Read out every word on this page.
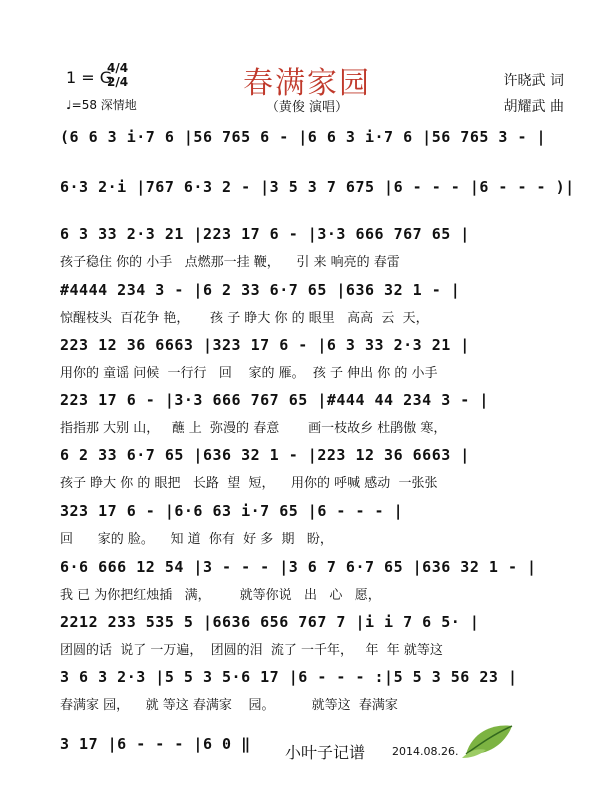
春满家园
（黄俊 演唱）
1 = G
4/4
2/4
♩=58 深情地
许晓武 词
胡耀武 曲
(6 6 3 i·7 6 |56 765 6 - |6 6 3 i·7 6 |56 765 3 - |
6·3 2·i |767 6·3 2 - |3 5 3 7 675 |6 - - - |6 - - - )|
6 3 33 2·3 21 |223 17 6 - |3·3 666 767 65 |
孩子稳住 你的 小手   点燃那一挂 鞭，    引 来 响亮的 春雷
#4444 234 3 - |6 2 33 6·7 65 |636 32 1 - |
惊醒枝头  百花争 艳，     孩 子 睁大 你 的 眼里   高高  云  天，
223 12 36 6663 |323 17 6 - |6 3 33 2·3 21 |
用你的 童谣 问候  一行行   回    家的 雁。  孩 子 伸出 你 的 小手
223 17 6 - |3·3 666 767 65 |#444 44 234 3 - |
指指那 大别 山，   蘸 上  弥漫的 春意       画一枝故乡 杜鹃傲 寒，
6 2 33 6·7 65 |636 32 1 - |223 12 36 6663 |
孩子 睁大 你 的 眼把   长路  望  短，    用你的 呼喊 感动  一张张
323 17 6 - |6·6 63 i·7 65 |6 - - - |
回      家的 脸。    知 道  你有  好 多  期   盼，
6·6 666 12 54 |3 - - - |3 6 7 6·7 65 |636 32 1 - |
我 已 为你把红烛插   满，       就等你说   出   心   愿，
2212 233 535 5 |6636 656 767 7 |i i 7 6 5· |
团圆的话  说了 一万遍，  团圆的泪  流了 一千年，   年  年 就等这
3 6 3 2·3 |5 5 3 5·6 17 |6 - - - :|5 5 3 56 23 |
春满家 园，    就 等这 春满家    园。         就等这  春满家
3 17 |6 - - - |6 0 ‖	小叶子记谱 2014.08.26.
